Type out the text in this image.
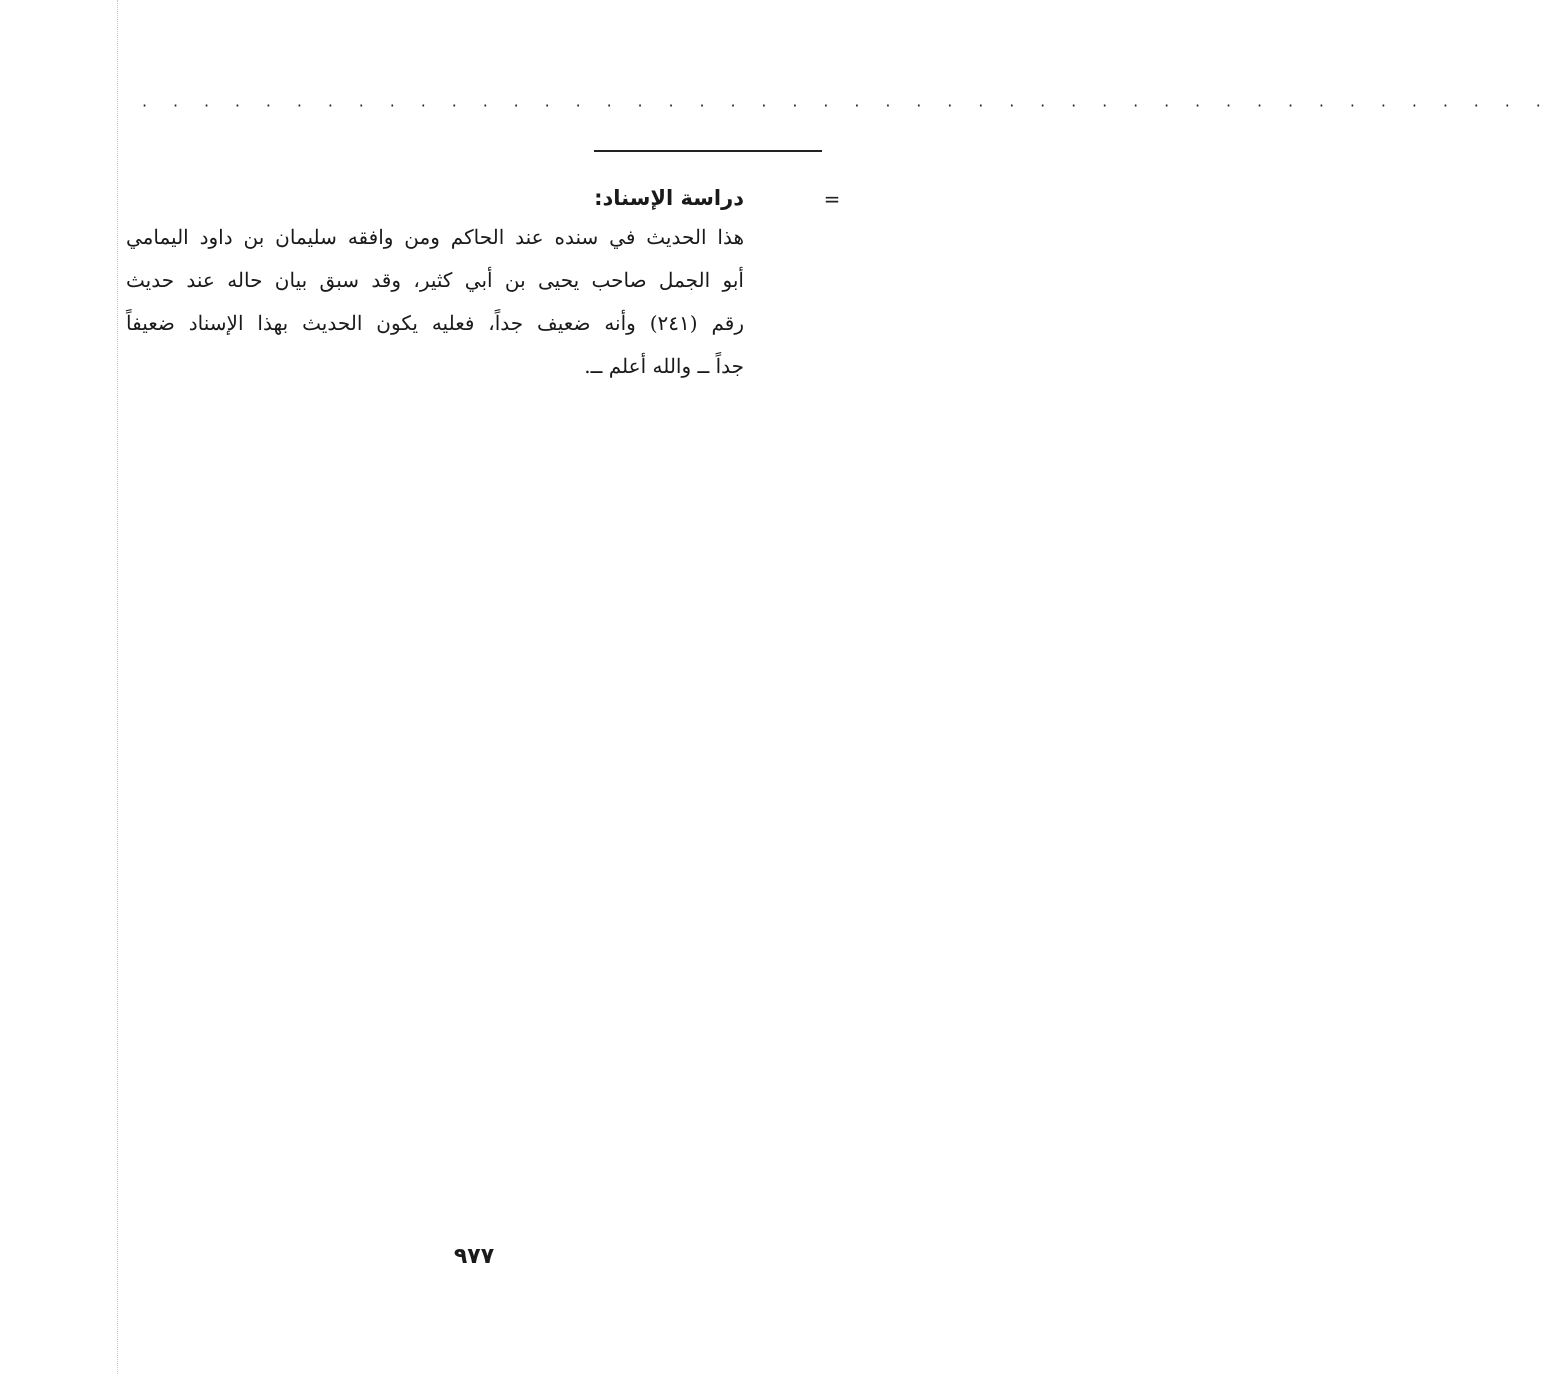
· · · · · · · · · · · · · · · · · · · · · · · · · · · · · · · · · · · · · · · · · · · · · ·
=
دراسة الإسناد:
هذا الحديث في سنده عند الحاكم ومن وافقه سليمان بن داود اليمامي
أبو الجمل صاحب يحيى بن أبي كثير، وقد سبق بيان حاله عند حديث
رقم (٢٤١) وأنه ضعيف جداً، فعليه يكون الحديث بهذا الإسناد ضعيفاً
جداً ــ والله أعلم ــ.
٩٧٧
